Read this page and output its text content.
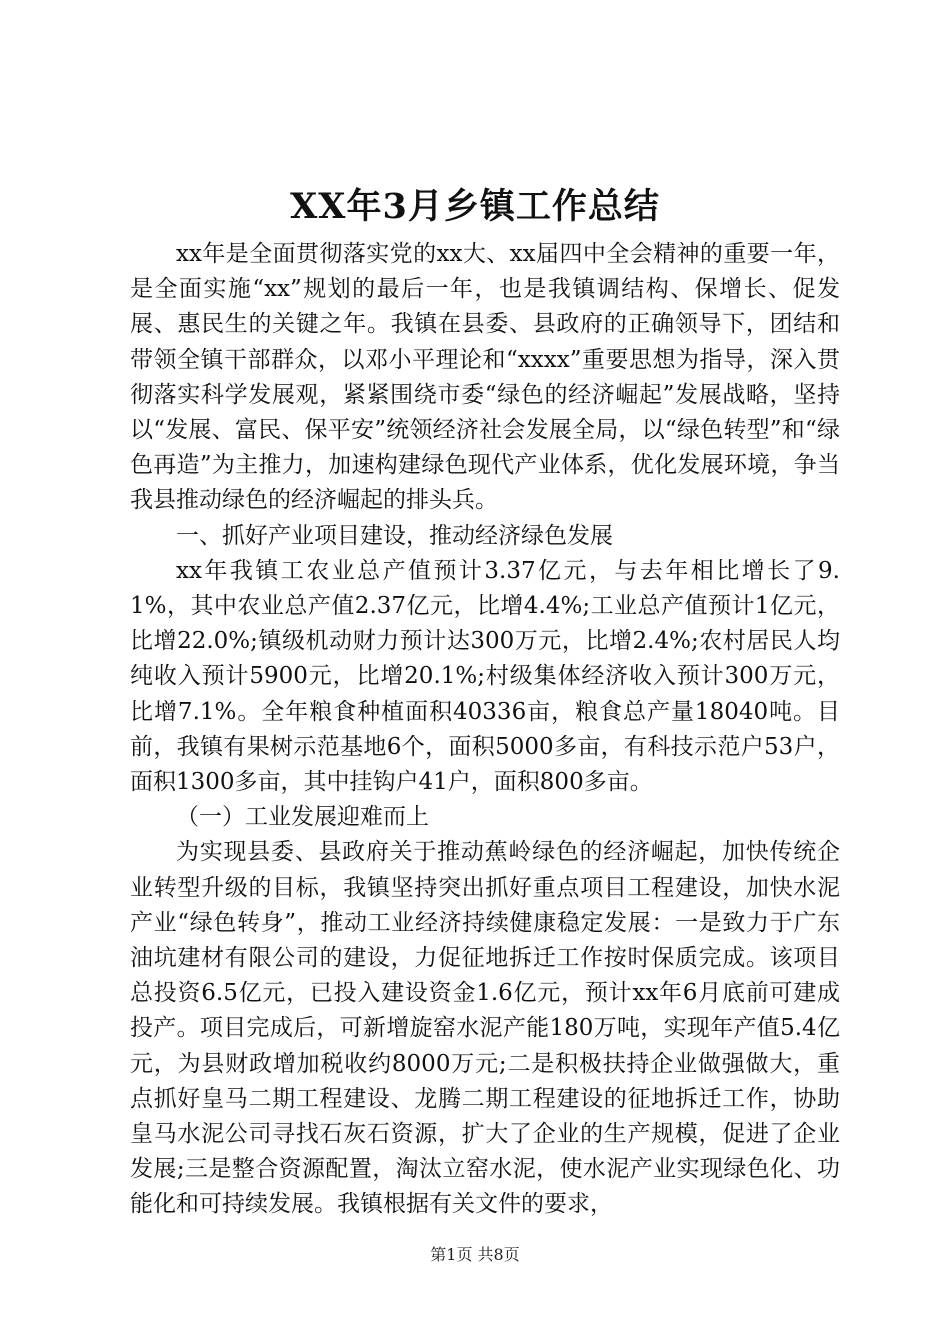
XX年3月乡镇工作总结

xx年是全面贯彻落实党的xx大、xx届四中全会精神的重要一年，是全面实施“xx”规划的最后一年，也是我镇调结构、保增长、促发展、惠民生的关键之年。我镇在县委、县政府的正确领导下，团结和带领全镇干部群众，以邓小平理论和“xxxx”重要思想为指导，深入贯彻落实科学发展观，紧紧围绕市委“绿色的经济崛起”发展战略，坚持以“发展、富民、保平安”统领经济社会发展全局，以“绿色转型”和“绿色再造”为主推力，加速构建绿色现代产业体系，优化发展环境，争当我县推动绿色的经济崛起的排头兵。

一、抓好产业项目建设，推动经济绿色发展

xx年我镇工农业总产值预计3.37亿元，与去年相比增长了9.1%，其中农业总产值2.37亿元，比增4.4%;工业总产值预计1亿元，比增22.0%;镇级机动财力预计达300万元，比增2.4%;农村居民人均纯收入预计5900元，比增20.1%;村级集体经济收入预计300万元，比增7.1%。全年粮食种植面积40336亩，粮食总产量18040吨。目前，我镇有果树示范基地6个，面积5000多亩，有科技示范户53户，面积1300多亩，其中挂钩户41户，面积800多亩。

（一）工业发展迎难而上

为实现县委、县政府关于推动蕉岭绿色的经济崛起，加快传统企业转型升级的目标，我镇坚持突出抓好重点项目工程建设，加快水泥产业“绿色转身”，推动工业经济持续健康稳定发展：一是致力于广东油坑建材有限公司的建设，力促征地拆迁工作按时保质完成。该项目总投资6.5亿元，已投入建设资金1.6亿元，预计xx年6月底前可建成投产。项目完成后，可新增旋窑水泥产能180万吨，实现年产值5.4亿元，为县财政增加税收约8000万元;二是积极扶持企业做强做大，重点抓好皇马二期工程建设、龙腾二期工程建设的征地拆迁工作，协助皇马水泥公司寻找石灰石资源，扩大了企业的生产规模，促进了企业发展;三是整合资源配置，淘汰立窑水泥，使水泥产业实现绿色化、功能化和可持续发展。我镇根据有关文件的要求，

第1页 共8页
